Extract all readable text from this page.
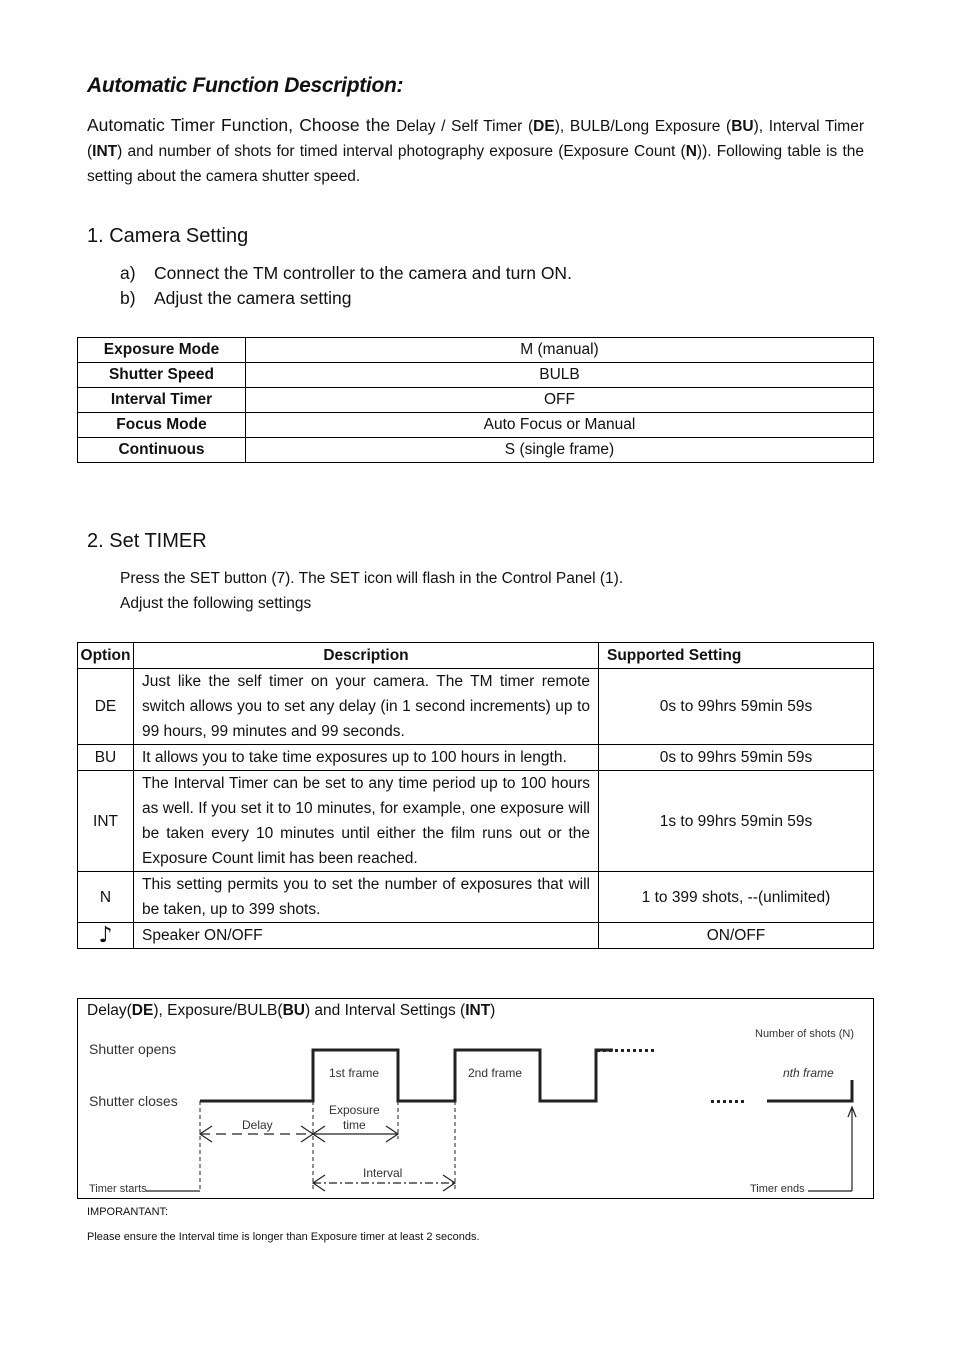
Automatic Function Description:
Automatic Timer Function, Choose the Delay / Self Timer (DE), BULB/Long Exposure (BU), Interval Timer (INT) and number of shots for timed interval photography exposure (Exposure Count (N)). Following table is the setting about the camera shutter speed.
1. Camera Setting
a) Connect the TM controller to the camera and turn ON.
b) Adjust the camera setting
Exposure Mode	M (manual)
Shutter Speed	BULB
Interval Timer	OFF
Focus Mode	Auto Focus or Manual
Continuous	S (single frame)
2. Set TIMER
Press the SET button (7). The SET icon will flash in the Control Panel (1).
Adjust the following settings
Option	Description	Supported Setting
DE	Just like the self timer on your camera. The TM timer remote switch allows you to set any delay (in 1 second increments) up to 99 hours, 99 minutes and 99 seconds.	0s to 99hrs 59min 59s
BU	It allows you to take time exposures up to 100 hours in length.	0s to 99hrs 59min 59s
INT	The Interval Timer can be set to any time period up to 100 hours as well. If you set it to 10 minutes, for example, one exposure will be taken every 10 minutes until either the film runs out or the Exposure Count limit has been reached.	1s to 99hrs 59min 59s
N	This setting permits you to set the number of exposures that will be taken, up to 399 shots.	1 to 399 shots, --(unlimited)
♪	Speaker ON/OFF	ON/OFF
Delay(DE), Exposure/BULB(BU) and Interval Settings (INT)
Shutter opens
Shutter closes
1st frame	2nd frame	nth frame
Number of shots (N)
Delay
Exposure
time
Interval
Timer starts	Timer ends
IMPORANTANT:
Please ensure the Interval time is longer than Exposure timer at least 2 seconds.
